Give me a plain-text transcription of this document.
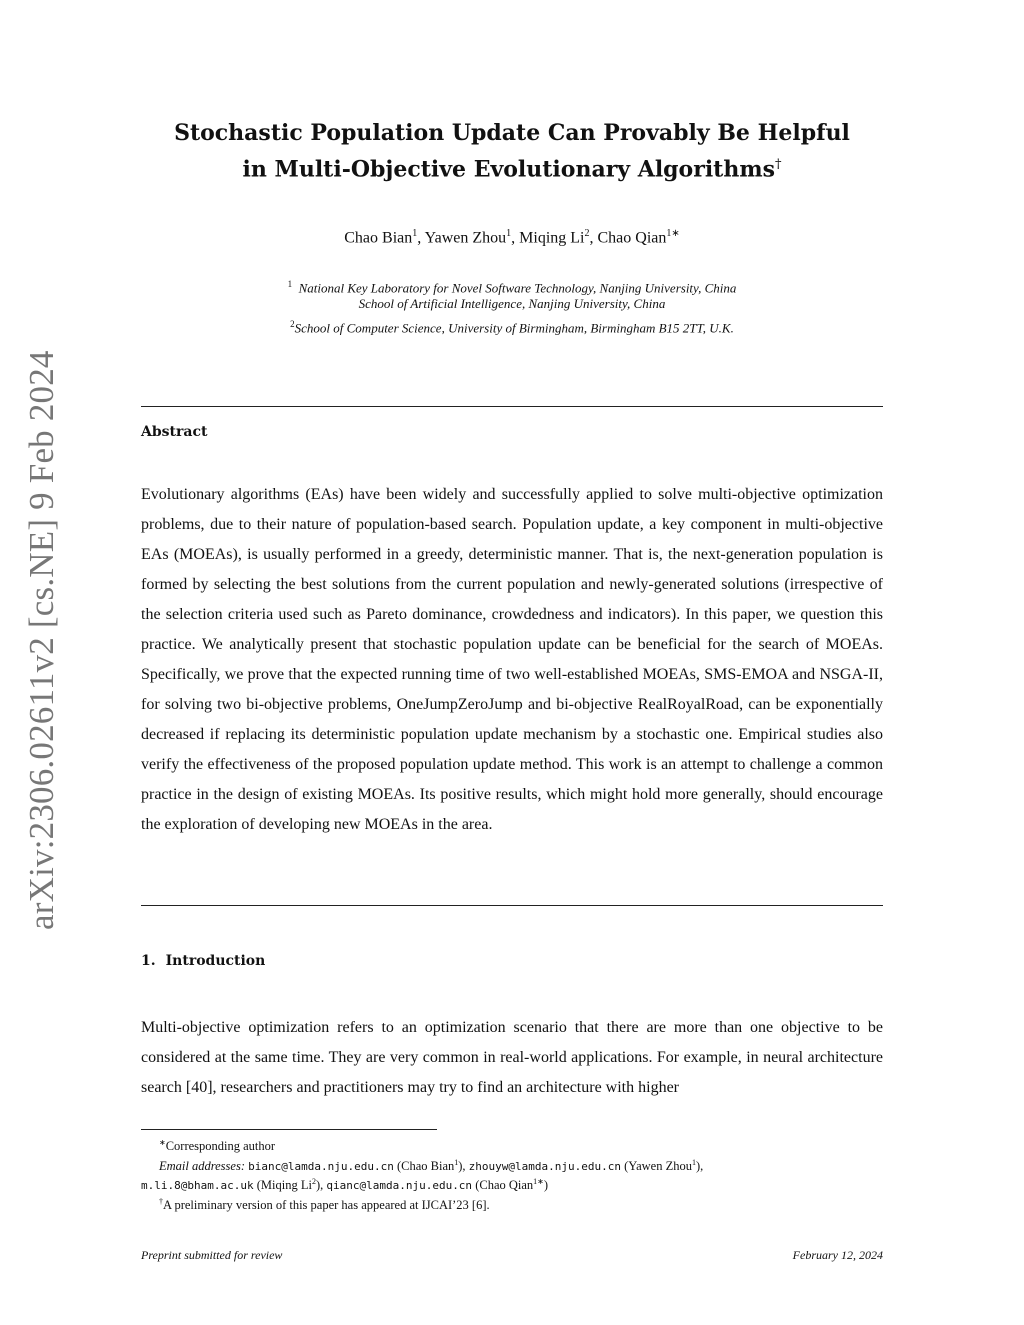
arXiv:2306.02611v2 [cs.NE] 9 Feb 2024
Stochastic Population Update Can Provably Be Helpful
in Multi-Objective Evolutionary Algorithms†
Chao Bian$^1$, Yawen Zhou$^1$, Miqing Li$^2$, Chao Qian$^{1∗}$
$^1$ National Key Laboratory for Novel Software Technology, Nanjing University, China
School of Artificial Intelligence, Nanjing University, China
$^2$School of Computer Science, University of Birmingham, Birmingham B15 2TT, U.K.
Abstract

Evolutionary algorithms (EAs) have been widely and successfully applied to solve multi-objective optimization problems, due to their nature of population-based search. Population update, a key component in multi-objective EAs (MOEAs), is usually performed in a greedy, deterministic manner. That is, the next-generation population is formed by selecting the best solutions from the current population and newly-generated solutions (irrespective of the selection criteria used such as Pareto dominance, crowdedness and indicators). In this paper, we question this practice. We analytically present that stochastic population update can be beneficial for the search of MOEAs. Specifically, we prove that the expected running time of two well-established MOEAs, SMS-EMOA and NSGA-II, for solving two bi-objective problems, OneJumpZeroJump and bi-objective RealRoyalRoad, can be exponentially decreased if replacing its deterministic population update mechanism by a stochastic one. Empirical studies also verify the effectiveness of the proposed population update method. This work is an attempt to challenge a common practice in the design of existing MOEAs. Its positive results, which might hold more generally, should encourage the exploration of developing new MOEAs in the area.

1. Introduction

Multi-objective optimization refers to an optimization scenario that there are more than one objective to be considered at the same time. They are very common in real-world applications. For example, in neural architecture search [40], researchers and practitioners may try to find an architecture with higher

∗Corresponding author
Email addresses: bianc@lamda.nju.edu.cn (Chao Bian$^1$), zhouyw@lamda.nju.edu.cn (Yawen Zhou$^1$),
m.li.8@bham.ac.uk (Miqing Li$^2$), qianc@lamda.nju.edu.cn (Chao Qian$^{1∗}$)
†A preliminary version of this paper has appeared at IJCAI’23 [6].
Preprint submitted for review	February 12, 2024
